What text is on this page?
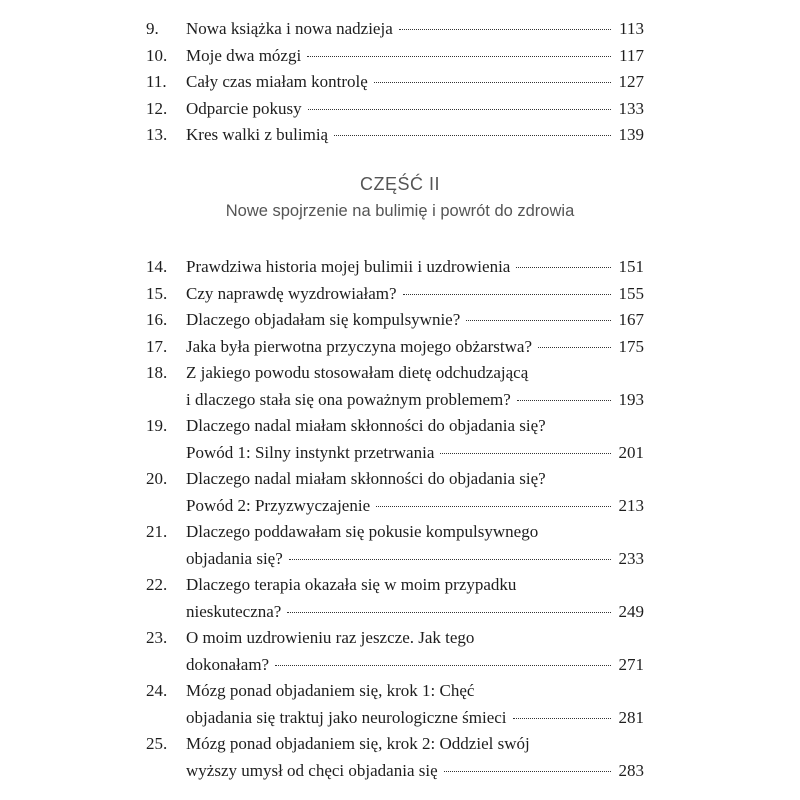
9.	Nowa książka i nowa nadzieja	113
10.	Moje dwa mózgi	117
11.	Cały czas miałam kontrolę	127
12.	Odparcie pokusy	133
13.	Kres walki z bulimią	139
CZĘŚĆ II
Nowe spojrzenie na bulimię i powrót do zdrowia
14.	Prawdziwa historia mojej bulimii i uzdrowienia	151
15.	Czy naprawdę wyzdrowiałam?	155
16.	Dlaczego objadałam się kompulsywnie?	167
17.	Jaka była pierwotna przyczyna mojego obżarstwa?	175
18.	Z jakiego powodu stosowałam dietę odchudzającą
i dlaczego stała się ona poważnym problemem?	193
19.	Dlaczego nadal miałam skłonności do objadania się?
Powód 1: Silny instynkt przetrwania	201
20.	Dlaczego nadal miałam skłonności do objadania się?
Powód 2: Przyzwyczajenie	213
21.	Dlaczego poddawałam się pokusie kompulsywnego
objadania się?	233
22.	Dlaczego terapia okazała się w moim przypadku
nieskuteczna?	249
23.	O moim uzdrowieniu raz jeszcze. Jak tego
dokonałam?	271
24.	Mózg ponad objadaniem się, krok 1: Chęć
objadania się traktuj jako neurologiczne śmieci	281
25.	Mózg ponad objadaniem się, krok 2: Oddziel swój
wyższy umysł od chęci objadania się	283
